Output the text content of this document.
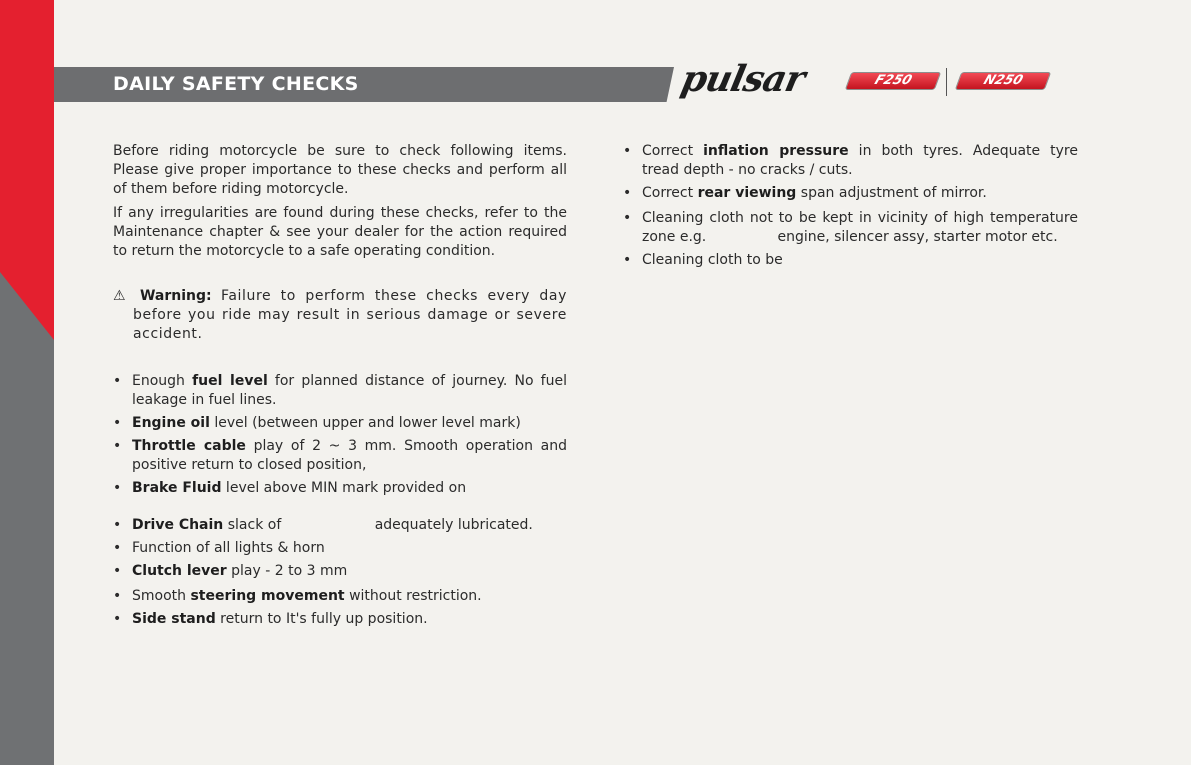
DAILY SAFETY CHECKS	pulsar	F250	N250

Before riding motorcycle be sure to check following items. Please give proper importance to these checks and perform all of them before riding motorcycle.

If any irregularities are found during these checks, refer to the Maintenance chapter & see your dealer for the action required to return the motorcycle to a safe operating condition.

⚠ Warning: Failure to perform these checks every day before you ride may result in serious damage or severe accident.
• Enough fuel level for planned distance of journey. No fuel leakage in fuel lines.
• Engine oil level (between upper and lower level mark)
• Throttle cable play of 2 ~ 3 mm. Smooth operation and positive return to closed position,
• Brake Fluid level above MIN mark provided on
• Drive Chain slack of                     adequately lubricated.
• Function of all lights & horn
• Clutch lever play - 2 to 3 mm
• Smooth steering movement without restriction.
• Side stand return to It's fully up position.
• Correct inflation pressure in both tyres. Adequate tyre tread depth - no cracks / cuts.
• Correct rear viewing span adjustment of mirror.
• Cleaning cloth not to be kept in vicinity of high temperature zone e.g.                engine, silencer assy, starter motor etc.
• Cleaning cloth to be
